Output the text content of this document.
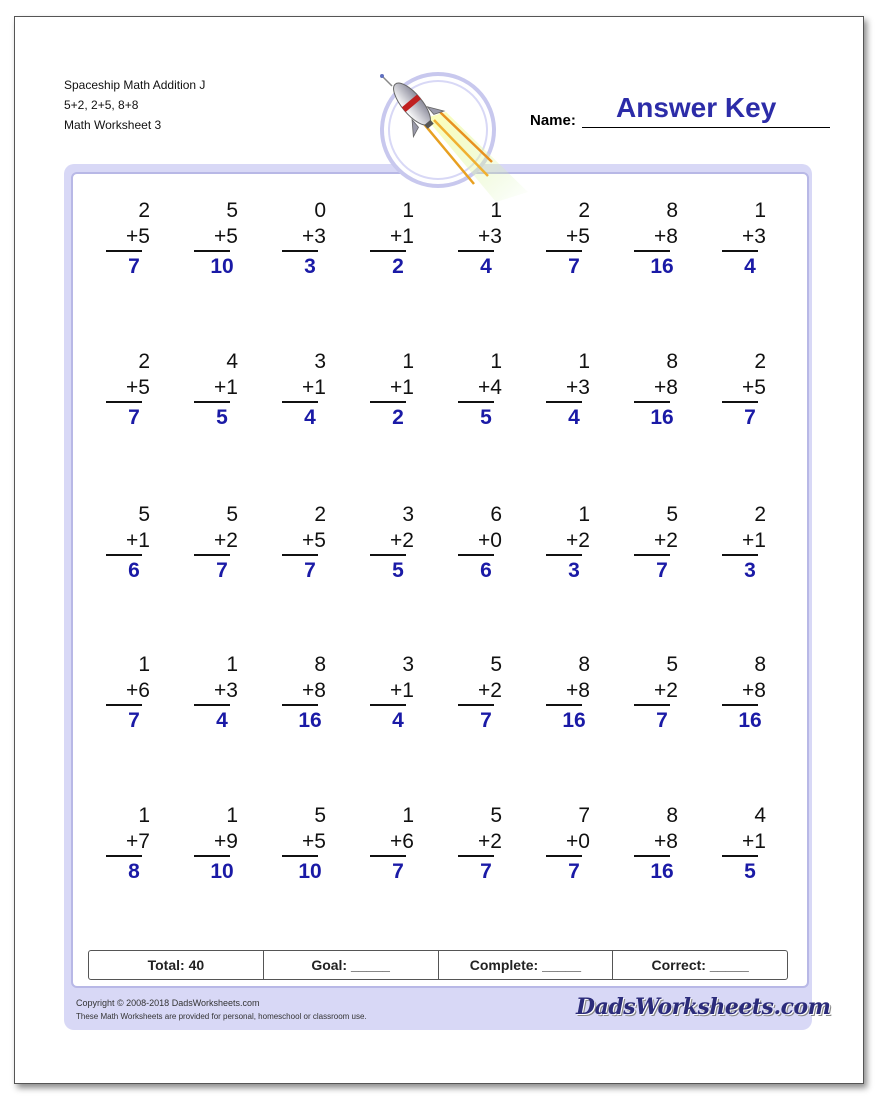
Spaceship Math Addition J
5+2, 2+5, 8+8
Math Worksheet 3	Name: Answer Key
2
+5
7
5
+5
10
0
+3
3
1
+1
2
1
+3
4
2
+5
7
8
+8
16
1
+3
4
2
+5
7
4
+1
5
3
+1
4
1
+1
2
1
+4
5
1
+3
4
8
+8
16
2
+5
7
5
+1
6
5
+2
7
2
+5
7
3
+2
5
6
+0
6
1
+2
3
5
+2
7
2
+1
3
1
+6
7
1
+3
4
8
+8
16
3
+1
4
5
+2
7
8
+8
16
5
+2
7
8
+8
16
1
+7
8
1
+9
10
5
+5
10
1
+6
7
5
+2
7
7
+0
7
8
+8
16
4
+1
5
Total: 40	Goal: _____	Complete: _____	Correct: _____
Copyright © 2008-2018 DadsWorksheets.com
These Math Worksheets are provided for personal, homeschool or classroom use.	DadsWorksheets.com
